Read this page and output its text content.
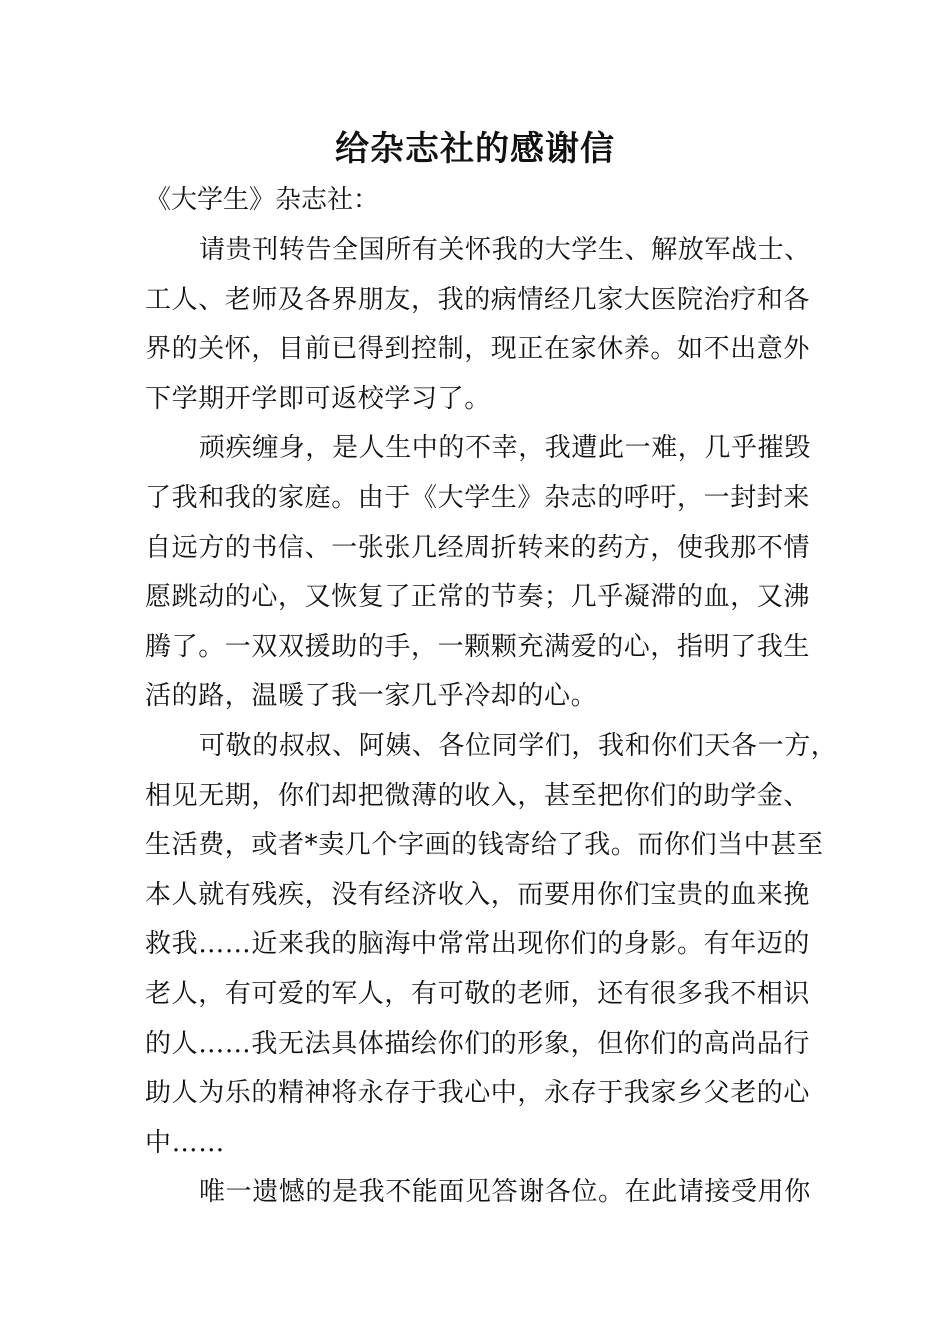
给杂志社的感谢信
《大学生》杂志社：
请贵刊转告全国所有关怀我的大学生、解放军战士、
工人、老师及各界朋友，我的病情经几家大医院治疗和各
界的关怀，目前已得到控制，现正在家休养。如不出意外
下学期开学即可返校学习了。
顽疾缠身，是人生中的不幸，我遭此一难，几乎摧毁
了我和我的家庭。由于《大学生》杂志的呼吁，一封封来
自远方的书信、一张张几经周折转来的药方，使我那不情
愿跳动的心，又恢复了正常的节奏；几乎凝滞的血，又沸
腾了。一双双援助的手，一颗颗充满爱的心，指明了我生
活的路，温暖了我一家几乎冷却的心。
可敬的叔叔、阿姨、各位同学们，我和你们天各一方，
相见无期，你们却把微薄的收入，甚至把你们的助学金、
生活费，或者*卖几个字画的钱寄给了我。而你们当中甚至
本人就有残疾，没有经济收入，而要用你们宝贵的血来挽
救我……近来我的脑海中常常出现你们的身影。有年迈的
老人，有可爱的军人，有可敬的老师，还有很多我不相识
的人……我无法具体描绘你们的形象，但你们的高尚品行
助人为乐的精神将永存于我心中，永存于我家乡父老的心
中……
唯一遗憾的是我不能面见答谢各位。在此请接受用你
